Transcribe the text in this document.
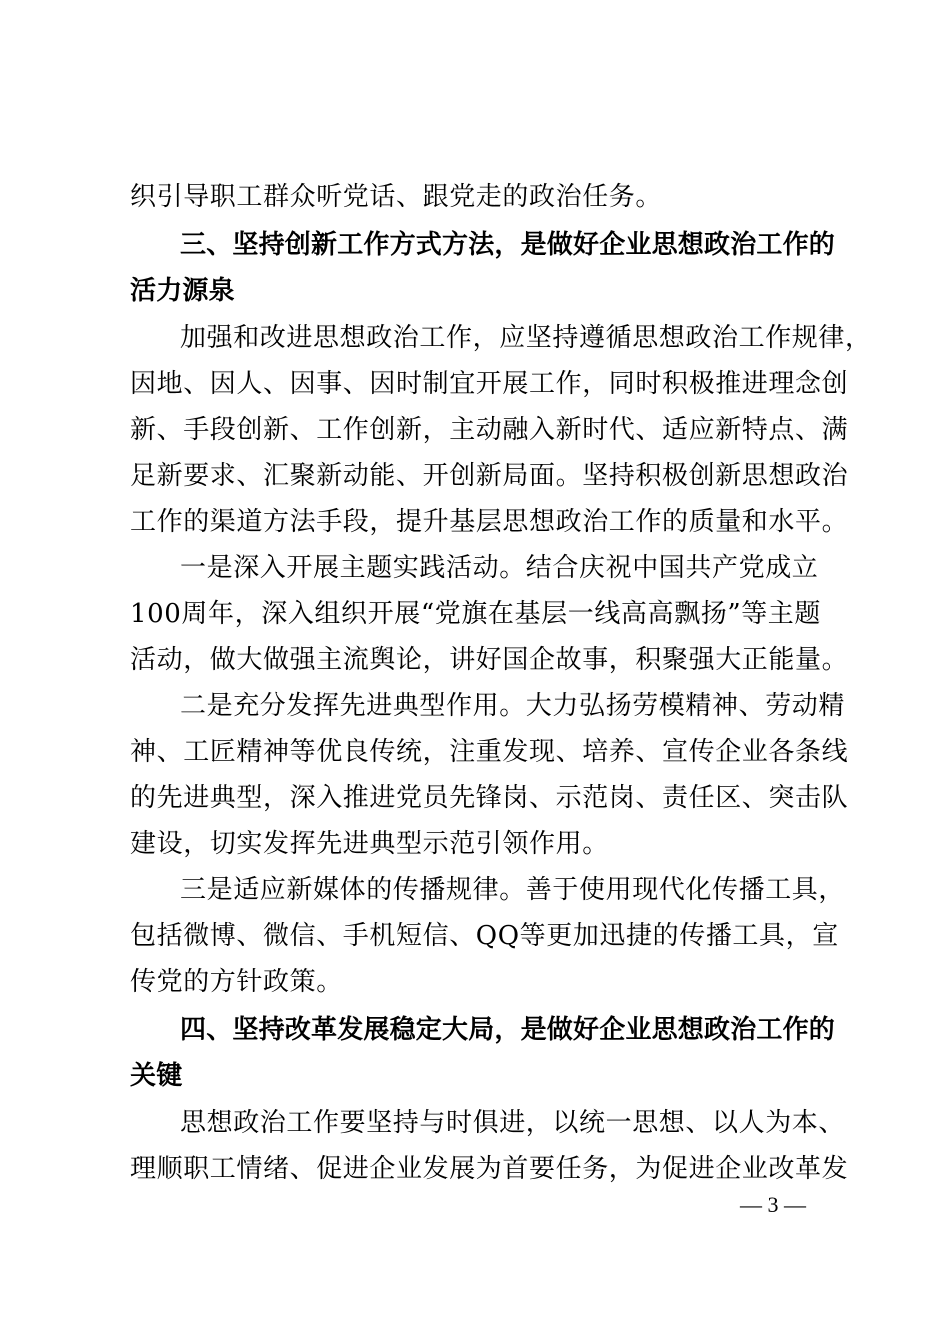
织引导职工群众听党话、跟党走的政治任务。
三、坚持创新工作方式方法，是做好企业思想政治工作的
活力源泉
加强和改进思想政治工作，应坚持遵循思想政治工作规律，
因地、因人、因事、因时制宜开展工作，同时积极推进理念创
新、手段创新、工作创新，主动融入新时代、适应新特点、满
足新要求、汇聚新动能、开创新局面。坚持积极创新思想政治
工作的渠道方法手段，提升基层思想政治工作的质量和水平。
一是深入开展主题实践活动。结合庆祝中国共产党成立
100周年，深入组织开展“党旗在基层一线高高飘扬”等主题
活动，做大做强主流舆论，讲好国企故事，积聚强大正能量。
二是充分发挥先进典型作用。大力弘扬劳模精神、劳动精
神、工匠精神等优良传统，注重发现、培养、宣传企业各条线
的先进典型，深入推进党员先锋岗、示范岗、责任区、突击队
建设，切实发挥先进典型示范引领作用。
三是适应新媒体的传播规律。善于使用现代化传播工具，
包括微博、微信、手机短信、QQ等更加迅捷的传播工具，宣
传党的方针政策。
四、坚持改革发展稳定大局，是做好企业思想政治工作的
关键
思想政治工作要坚持与时俱进，以统一思想、以人为本、
理顺职工情绪、促进企业发展为首要任务，为促进企业改革发
— 3 —
